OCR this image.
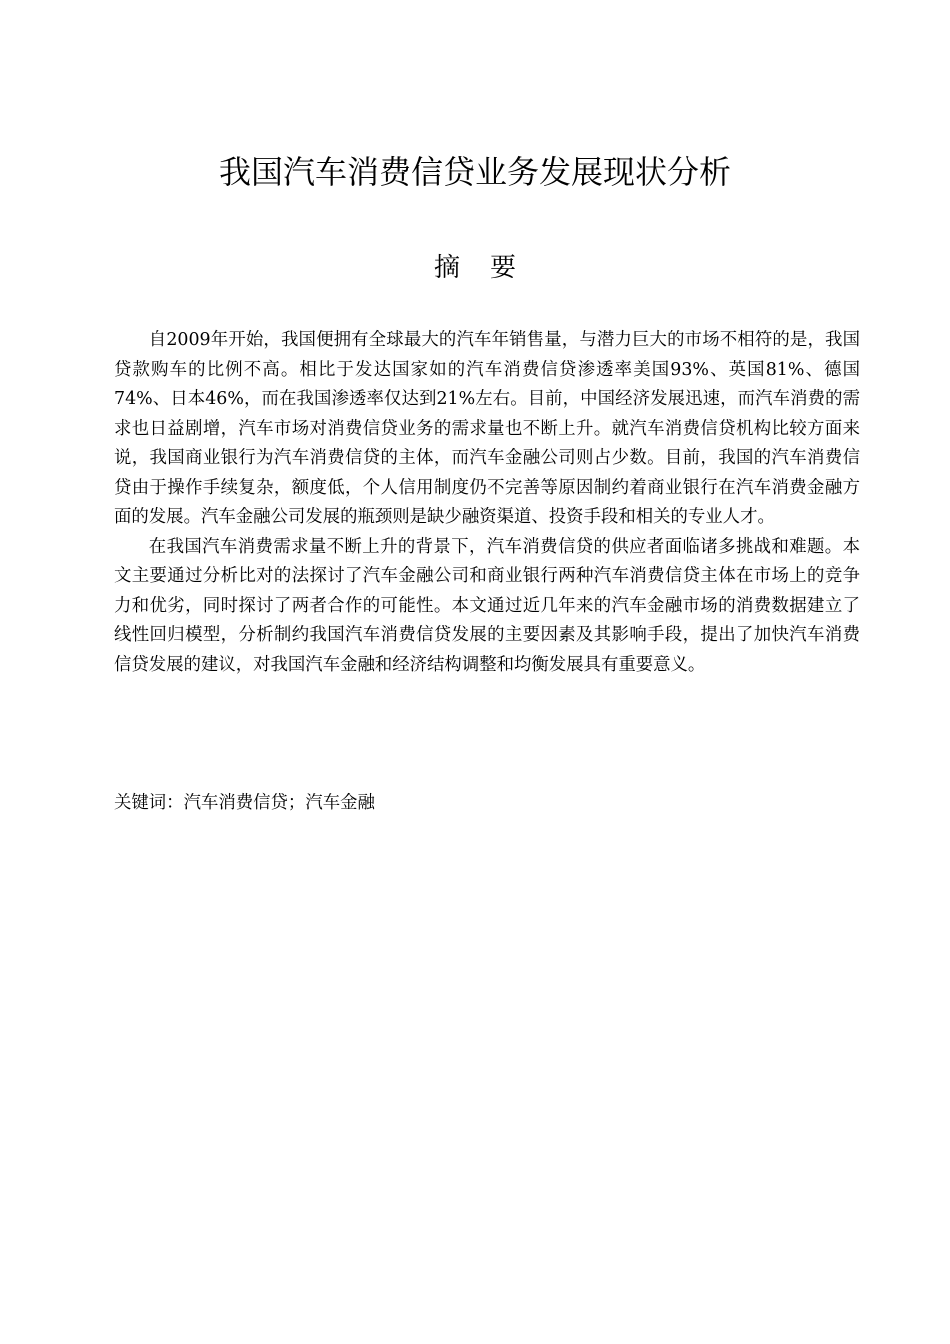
我国汽车消费信贷业务发展现状分析
摘要

自2009年开始，我国便拥有全球最大的汽车年销售量，与潜力巨大的市场不相符的是，我国贷款购车的比例不高。相比于发达国家如的汽车消费信贷渗透率美国93%、英国81%、德国74%、日本46%，而在我国渗透率仅达到21%左右。目前，中国经济发展迅速，而汽车消费的需求也日益剧增，汽车市场对消费信贷业务的需求量也不断上升。就汽车消费信贷机构比较方面来说，我国商业银行为汽车消费信贷的主体，而汽车金融公司则占少数。目前，我国的汽车消费信贷由于操作手续复杂，额度低，个人信用制度仍不完善等原因制约着商业银行在汽车消费金融方面的发展。汽车金融公司发展的瓶颈则是缺少融资渠道、投资手段和相关的专业人才。

在我国汽车消费需求量不断上升的背景下，汽车消费信贷的供应者面临诸多挑战和难题。本文主要通过分析比对的法探讨了汽车金融公司和商业银行两种汽车消费信贷主体在市场上的竞争力和优劣，同时探讨了两者合作的可能性。本文通过近几年来的汽车金融市场的消费数据建立了线性回归模型，分析制约我国汽车消费信贷发展的主要因素及其影响手段，提出了加快汽车消费信贷发展的建议，对我国汽车金融和经济结构调整和均衡发展具有重要意义。

关键词：汽车消费信贷；汽车金融
